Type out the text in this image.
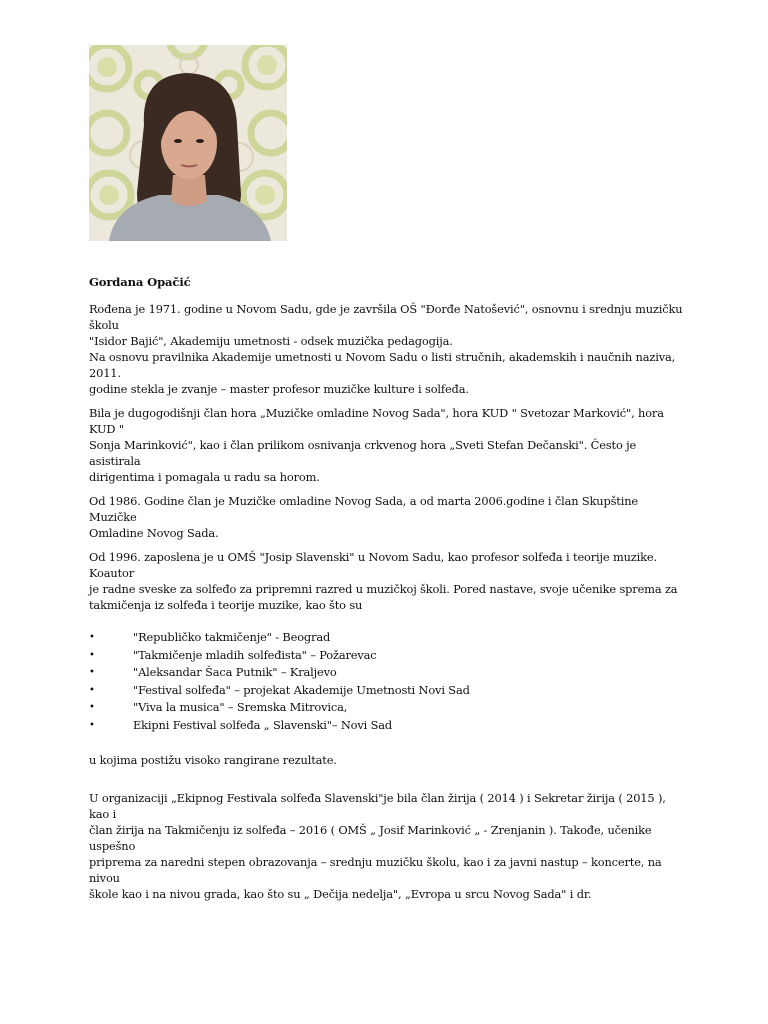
Gordana Opačić
Rođena je 1971. godine u Novom Sadu, gde je završila OŠ "Đorđe Natošević", osnovnu i srednju muzičku školu
"Isidor Bajić", Akademiju umetnosti - odsek muzička pedagogija.
Na osnovu pravilnika Akademije umetnosti u Novom Sadu o listi stručnih, akademskih i naučnih naziva, 2011.
godine stekla je zvanje – master profesor muzičke kulture i solfeđa.
Bila je dugogodišnji član hora „Muzičke omladine Novog Sada", hora KUD " Svetozar Marković", hora KUD "
Sonja Marinković", kao i član prilikom osnivanja crkvenog hora „Sveti Stefan Dečanski". Često je asistirala
dirigentima i pomagala u radu sa horom.
Od 1986. Godine član je Muzičke omladine Novog Sada, a od marta 2006.godine i član Skupštine Muzičke
Omladine Novog Sada.
Od 1996. zaposlena je u OMŠ "Josip Slavenski" u Novom Sadu, kao profesor solfeđa i teorije muzike. Koautor
je radne sveske za solfeđo za pripremni razred u muzičkoj školi. Pored nastave, svoje učenike sprema za
takmičenja iz solfeđa i teorije muzike, kao što su
•	"Republičko takmičenje" - Beograd
•	"Takmičenje mladih solfeđista" – Požarevac
•	"Aleksandar Šaca Putnik" – Kraljevo
•	"Festival solfeđa" – projekat Akademije Umetnosti Novi Sad
•	"Viva la musica" – Sremska Mitrovica,
•	Ekipni Festival solfeđa „ Slavenski"– Novi Sad
u kojima postižu visoko rangirane rezultate.
U organizaciji „Ekipnog Festivala solfeđa Slavenski"je bila član žirija ( 2014 ) i Sekretar žirija ( 2015 ), kao i
član žirija na Takmičenju iz solfeđa – 2016 ( OMŠ „ Josif Marinković „ - Zrenjanin ). Takođe, učenike uspešno
priprema za naredni stepen obrazovanja – srednju muzičku školu, kao i za javni nastup – koncerte, na nivou
škole kao i na nivou grada, kao što su „ Dečija nedelja", „Evropa u srcu Novog Sada" i dr.
